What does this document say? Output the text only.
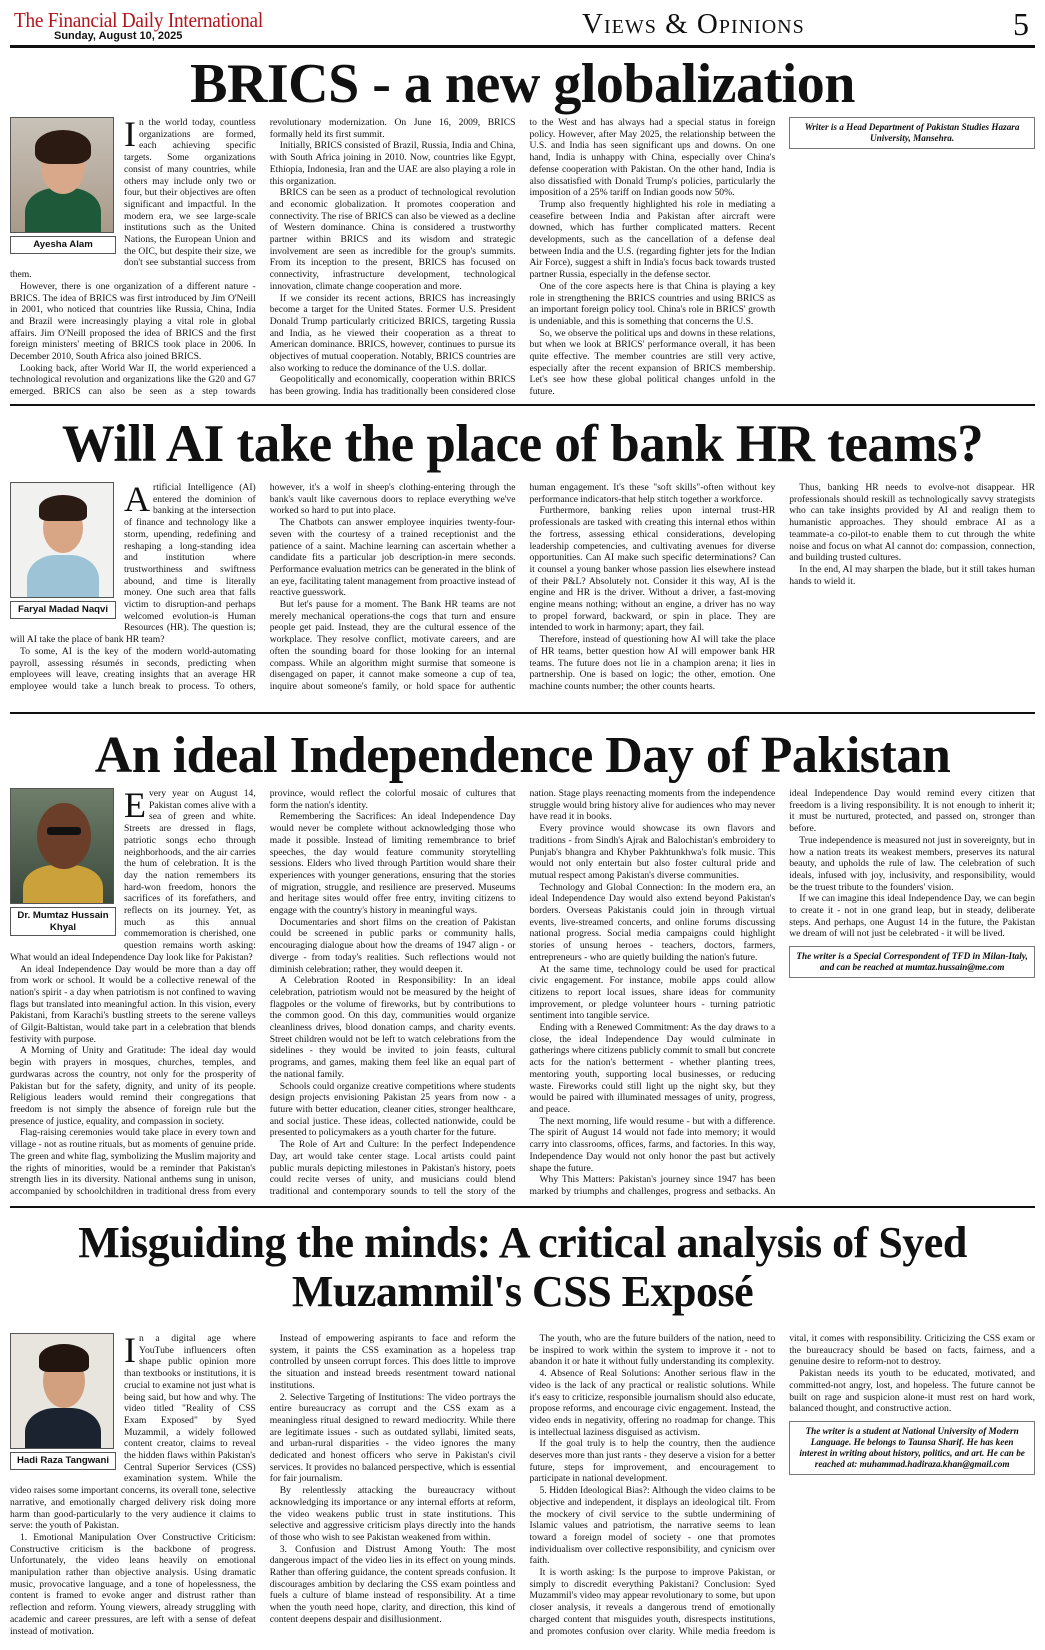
The Financial Daily International
Sunday, August 10, 2025	Views & Opinions	5
BRICS - a new globalization
Ayesha Alam

In the world today, countless organizations are formed, each achieving specific targets. Some organizations consist of many countries, while others may include only two or four, but their objectives are often significant and impactful. In the modern era, we see large-scale institutions such as the United Nations, the European Union and the OIC, but despite their size, we don't see substantial success from them.

However, there is one organization of a different nature - BRICS. The idea of BRICS was first introduced by Jim O'Neill in 2001, who noticed that countries like Russia, China, India and Brazil were increasingly playing a vital role in global affairs. Jim O'Neill proposed the idea of BRICS and the first foreign ministers' meeting of BRICS took place in 2006. In December 2010, South Africa also joined BRICS.

Looking back, after World War II, the world experienced a technological revolution and organizations like the G20 and G7 emerged. BRICS can also be seen as a step towards revolutionary modernization. On June 16, 2009, BRICS formally held its first summit.

Initially, BRICS consisted of Brazil, Russia, India and China, with South Africa joining in 2010. Now, countries like Egypt, Ethiopia, Indonesia, Iran and the UAE are also playing a role in this organization.

BRICS can be seen as a product of technological revolution and economic globalization. It promotes cooperation and connectivity. The rise of BRICS can also be viewed as a decline of Western dominance. China is considered a trustworthy partner within BRICS and its wisdom and strategic involvement are seen as incredible for the group's summits. From its inception to the present, BRICS has focused on connectivity, infrastructure development, technological innovation, climate change cooperation and more.

If we consider its recent actions, BRICS has increasingly become a target for the United States. Former U.S. President Donald Trump particularly criticized BRICS, targeting Russia and India, as he viewed their cooperation as a threat to American dominance. BRICS, however, continues to pursue its objectives of mutual cooperation. Notably, BRICS countries are also working to reduce the dominance of the U.S. dollar.

Geopolitically and economically, cooperation within BRICS has been growing. India has traditionally been considered close to the West and has always had a special status in foreign policy. However, after May 2025, the relationship between the U.S. and India has seen significant ups and downs. On one hand, India is unhappy with China, especially over China's defense cooperation with Pakistan. On the other hand, India is also dissatisfied with Donald Trump's policies, particularly the imposition of a 25% tariff on Indian goods now 50%.

Trump also frequently highlighted his role in mediating a ceasefire between India and Pakistan after aircraft were downed, which has further complicated matters. Recent developments, such as the cancellation of a defense deal between India and the U.S. (regarding fighter jets for the Indian Air Force), suggest a shift in India's focus back towards trusted partner Russia, especially in the defense sector.

One of the core aspects here is that China is playing a key role in strengthening the BRICS countries and using BRICS as an important foreign policy tool. China's role in BRICS' growth is undeniable, and this is something that concerns the U.S.

So, we observe the political ups and downs in these relations, but when we look at BRICS' performance overall, it has been quite effective. The member countries are still very active, especially after the recent expansion of BRICS membership. Let's see how these global political changes unfold in the future.

Writer is a Head Department of Pakistan Studies Hazara University, Mansehra.
Will AI take the place of bank HR teams?
Faryal Madad Naqvi

Artificial Intelligence (AI) entered the dominion of banking at the intersection of finance and technology like a storm, upending, redefining and reshaping a long-standing idea and institution where trustworthiness and swiftness abound, and time is literally money. One such area that falls victim to disruption-and perhaps welcomed evolution-is Human Resources (HR). The question is; will AI take the place of bank HR team?

To some, AI is the key of the modern world-automating payroll, assessing résumés in seconds, predicting when employees will leave, creating insights that an average HR employee would take a lunch break to process. To others, however, it's a wolf in sheep's clothing-entering through the bank's vault like cavernous doors to replace everything we've worked so hard to put into place.

The Chatbots can answer employee inquiries twenty-four-seven with the courtesy of a trained receptionist and the patience of a saint. Machine learning can ascertain whether a candidate fits a particular job description-in mere seconds. Performance evaluation metrics can be generated in the blink of an eye, facilitating talent management from proactive instead of reactive guesswork.

But let's pause for a moment. The Bank HR teams are not merely mechanical operations-the cogs that turn and ensure people get paid. Instead, they are the cultural essence of the workplace. They resolve conflict, motivate careers, and are often the sounding board for those looking for an internal compass. While an algorithm might surmise that someone is disengaged on paper, it cannot make someone a cup of tea, inquire about someone's family, or hold space for authentic human engagement. It's these "soft skills"-often without key performance indicators-that help stitch together a workforce.

Furthermore, banking relies upon internal trust-HR professionals are tasked with creating this internal ethos within the fortress, assessing ethical considerations, developing leadership competencies, and cultivating avenues for diverse opportunities. Can AI make such specific determinations? Can it counsel a young banker whose passion lies elsewhere instead of their P&L? Absolutely not. Consider it this way, AI is the engine and HR is the driver. Without a driver, a fast-moving engine means nothing; without an engine, a driver has no way to propel forward, backward, or spin in place. They are intended to work in harmony; apart, they fail.

Therefore, instead of questioning how AI will take the place of HR teams, better question how AI will empower bank HR teams. The future does not lie in a champion arena; it lies in partnership. One is based on logic; the other, emotion. One machine counts number; the other counts hearts.

Thus, banking HR needs to evolve-not disappear. HR professionals should reskill as technologically savvy strategists who can take insights provided by AI and realign them to humanistic approaches. They should embrace AI as a teammate-a co-pilot-to enable them to cut through the white noise and focus on what AI cannot do: compassion, connection, and building trusted cultures.

In the end, AI may sharpen the blade, but it still takes human hands to wield it.

An ideal Independence Day of Pakistan
Dr. Mumtaz Hussain Khyal

Every year on August 14, Pakistan comes alive with a sea of green and white. Streets are dressed in flags, patriotic songs echo through neighborhoods, and the air carries the hum of celebration. It is the day the nation remembers its hard-won freedom, honors the sacrifices of its forefathers, and reflects on its journey. Yet, as much as this annual commemoration is cherished, one question remains worth asking: What would an ideal Independence Day look like for Pakistan?

An ideal Independence Day would be more than a day off from work or school. It would be a collective renewal of the nation's spirit - a day when patriotism is not confined to waving flags but translated into meaningful action. In this vision, every Pakistani, from Karachi's bustling streets to the serene valleys of Gilgit-Baltistan, would take part in a celebration that blends festivity with purpose.

A Morning of Unity and Gratitude: The ideal day would begin with prayers in mosques, churches, temples, and gurdwaras across the country, not only for the prosperity of Pakistan but for the safety, dignity, and unity of its people. Religious leaders would remind their congregations that freedom is not simply the absence of foreign rule but the presence of justice, equality, and compassion in society.

Flag-raising ceremonies would take place in every town and village - not as routine rituals, but as moments of genuine pride. The green and white flag, symbolizing the Muslim majority and the rights of minorities, would be a reminder that Pakistan's strength lies in its diversity. National anthems sung in unison, accompanied by schoolchildren in traditional dress from every province, would reflect the colorful mosaic of cultures that form the nation's identity.

Remembering the Sacrifices: An ideal Independence Day would never be complete without acknowledging those who made it possible. Instead of limiting remembrance to brief speeches, the day would feature community storytelling sessions. Elders who lived through Partition would share their experiences with younger generations, ensuring that the stories of migration, struggle, and resilience are preserved. Museums and heritage sites would offer free entry, inviting citizens to engage with the country's history in meaningful ways.

Documentaries and short films on the creation of Pakistan could be screened in public parks or community halls, encouraging dialogue about how the dreams of 1947 align - or diverge - from today's realities. Such reflections would not diminish celebration; rather, they would deepen it.

A Celebration Rooted in Responsibility: In an ideal celebration, patriotism would not be measured by the height of flagpoles or the volume of fireworks, but by contributions to the common good. On this day, communities would organize cleanliness drives, blood donation camps, and charity events. Street children would not be left to watch celebrations from the sidelines - they would be invited to join feasts, cultural programs, and games, making them feel like an equal part of the national family.

Schools could organize creative competitions where students design projects envisioning Pakistan 25 years from now - a future with better education, cleaner cities, stronger healthcare, and social justice. These ideas, collected nationwide, could be presented to policymakers as a youth charter for the future.

The Role of Art and Culture: In the perfect Independence Day, art would take center stage. Local artists could paint public murals depicting milestones in Pakistan's history, poets could recite verses of unity, and musicians could blend traditional and contemporary sounds to tell the story of the nation. Stage plays reenacting moments from the independence struggle would bring history alive for audiences who may never have read it in books.

Every province would showcase its own flavors and traditions - from Sindh's Ajrak and Balochistan's embroidery to Punjab's bhangra and Khyber Pakhtunkhwa's folk music. This would not only entertain but also foster cultural pride and mutual respect among Pakistan's diverse communities.

Technology and Global Connection: In the modern era, an ideal Independence Day would also extend beyond Pakistan's borders. Overseas Pakistanis could join in through virtual events, live-streamed concerts, and online forums discussing national progress. Social media campaigns could highlight stories of unsung heroes - teachers, doctors, farmers, entrepreneurs - who are quietly building the nation's future.

At the same time, technology could be used for practical civic engagement. For instance, mobile apps could allow citizens to report local issues, share ideas for community improvement, or pledge volunteer hours - turning patriotic sentiment into tangible service.

Ending with a Renewed Commitment: As the day draws to a close, the ideal Independence Day would culminate in gatherings where citizens publicly commit to small but concrete acts for the nation's betterment - whether planting trees, mentoring youth, supporting local businesses, or reducing waste. Fireworks could still light up the night sky, but they would be paired with illuminated messages of unity, progress, and peace.

The next morning, life would resume - but with a difference. The spirit of August 14 would not fade into memory; it would carry into classrooms, offices, farms, and factories. In this way, Independence Day would not only honor the past but actively shape the future.

Why This Matters: Pakistan's journey since 1947 has been marked by triumphs and challenges, progress and setbacks. An ideal Independence Day would remind every citizen that freedom is a living responsibility. It is not enough to inherit it; it must be nurtured, protected, and passed on, stronger than before.

True independence is measured not just in sovereignty, but in how a nation treats its weakest members, preserves its natural beauty, and upholds the rule of law. The celebration of such ideals, infused with joy, inclusivity, and responsibility, would be the truest tribute to the founders' vision.

If we can imagine this ideal Independence Day, we can begin to create it - not in one grand leap, but in steady, deliberate steps. And perhaps, one August 14 in the future, the Pakistan we dream of will not just be celebrated - it will be lived.

The writer is a Special Correspondent of TFD in Milan-Italy, and can be reached at mumtaz.hussain@me.com
Misguiding the minds: A critical analysis of Syed Muzammil's CSS Exposé
Hadi Raza Tangwani

In a digital age where YouTube influencers often shape public opinion more than textbooks or institutions, it is crucial to examine not just what is being said, but how and why. The video titled "Reality of CSS Exam Exposed" by Syed Muzammil, a widely followed content creator, claims to reveal the hidden flaws within Pakistan's Central Superior Services (CSS) examination system. While the video raises some important concerns, its overall tone, selective narrative, and emotionally charged delivery risk doing more harm than good-particularly to the very audience it claims to serve: the youth of Pakistan.

1. Emotional Manipulation Over Constructive Criticism: Constructive criticism is the backbone of progress. Unfortunately, the video leans heavily on emotional manipulation rather than objective analysis. Using dramatic music, provocative language, and a tone of hopelessness, the content is framed to evoke anger and distrust rather than reflection and reform. Young viewers, already struggling with academic and career pressures, are left with a sense of defeat instead of motivation.

Instead of empowering aspirants to face and reform the system, it paints the CSS examination as a hopeless trap controlled by unseen corrupt forces. This does little to improve the situation and instead breeds resentment toward national institutions.

2. Selective Targeting of Institutions: The video portrays the entire bureaucracy as corrupt and the CSS exam as a meaningless ritual designed to reward mediocrity. While there are legitimate issues - such as outdated syllabi, limited seats, and urban-rural disparities - the video ignores the many dedicated and honest officers who serve in Pakistan's civil services. It provides no balanced perspective, which is essential for fair journalism.

By relentlessly attacking the bureaucracy without acknowledging its importance or any internal efforts at reform, the video weakens public trust in state institutions. This selective and aggressive criticism plays directly into the hands of those who wish to see Pakistan weakened from within.

3. Confusion and Distrust Among Youth: The most dangerous impact of the video lies in its effect on young minds. Rather than offering guidance, the content spreads confusion. It discourages ambition by declaring the CSS exam pointless and fuels a culture of blame instead of responsibility. At a time when the youth need hope, clarity, and direction, this kind of content deepens despair and disillusionment.

The youth, who are the future builders of the nation, need to be inspired to work within the system to improve it - not to abandon it or hate it without fully understanding its complexity.

4. Absence of Real Solutions: Another serious flaw in the video is the lack of any practical or realistic solutions. While it's easy to criticize, responsible journalism should also educate, propose reforms, and encourage civic engagement. Instead, the video ends in negativity, offering no roadmap for change. This is intellectual laziness disguised as activism.

If the goal truly is to help the country, then the audience deserves more than just rants - they deserve a vision for a better future, steps for improvement, and encouragement to participate in national development.

5. Hidden Ideological Bias?: Although the video claims to be objective and independent, it displays an ideological tilt. From the mockery of civil service to the subtle undermining of Islamic values and patriotism, the narrative seems to lean toward a foreign model of society - one that promotes individualism over collective responsibility, and cynicism over faith.

It is worth asking: Is the purpose to improve Pakistan, or simply to discredit everything Pakistani? Conclusion: Syed Muzammil's video may appear revolutionary to some, but upon closer analysis, it reveals a dangerous trend of emotionally charged content that misguides youth, disrespects institutions, and promotes confusion over clarity. While media freedom is vital, it comes with responsibility. Criticizing the CSS exam or the bureaucracy should be based on facts, fairness, and a genuine desire to reform-not to destroy.

Pakistan needs its youth to be educated, motivated, and committed-not angry, lost, and hopeless. The future cannot be built on rage and suspicion alone-it must rest on hard work, balanced thought, and constructive action.

The writer is a student at National University of Modern Language. He belongs to Taunsa Sharif. He has keen interest in writing about history, politics, and art. He can be reached at: muhammad.hadiraza.khan@gmail.com
